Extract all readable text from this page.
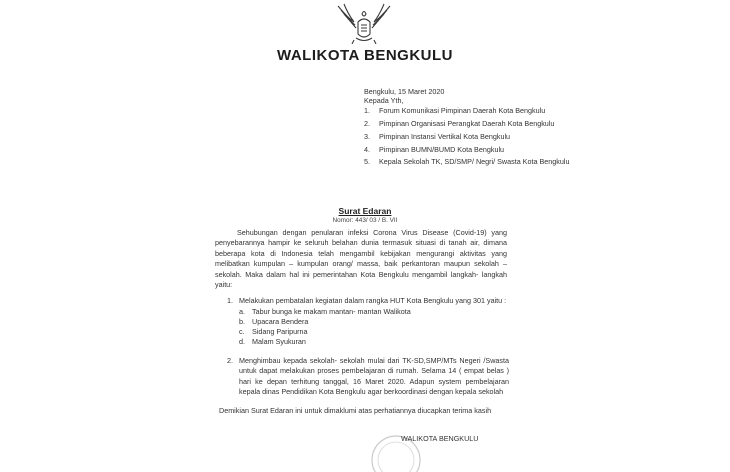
WALIKOTA BENGKULU
Bengkulu, 15 Maret 2020
Kepada Yth,
1.	Forum Komunikasi Pimpinan Daerah Kota Bengkulu
2.	Pimpinan Organisasi Perangkat Daerah Kota Bengkulu
3.	Pimpinan Instansi Vertikal Kota Bengkulu
4.	Pimpinan BUMN/BUMD Kota Bengkulu
5.	Kepala Sekolah TK, SD/SMP/ Negri/ Swasta Kota Bengkulu
Surat Edaran
Nomor: 443/ 03 / B. VII

Sehubungan dengan penularan infeksi Corona Virus Disease (Covid-19) yang penyebarannya hampir ke seluruh belahan dunia termasuk situasi di tanah air, dimana beberapa kota di Indonesia telah mengambil kebijakan mengurangi aktivitas yang melibatkan kumpulan – kumpulan orang/ massa, baik perkantoran maupun sekolah – sekolah. Maka dalam hal ini pemerintahan Kota Bengkulu mengambil langkah- langkah yaitu:

1. Melakukan pembatalan kegiatan dalam rangka HUT Kota Bengkulu yang 301 yaitu :
a. Tabur bunga ke makam mantan- mantan Walikota
b. Upacara Bendera
c. Sidang Paripurna
d. Malam Syukuran
2. Menghimbau kepada sekolah- sekolah mulai dari TK-SD,SMP/MTs Negeri /Swasta untuk dapat melakukan proses pembelajaran di rumah. Selama 14 ( empat belas ) hari ke depan terhitung tanggal, 16 Maret 2020. Adapun system pembelajaran kepala dinas Pendidikan Kota Bengkulu agar berkoordinasi dengan kepala sekolah
Demikian Surat Edaran ini untuk dimaklumi atas perhatiannya diucapkan terima kasih
WALIKOTA BENGKULU
